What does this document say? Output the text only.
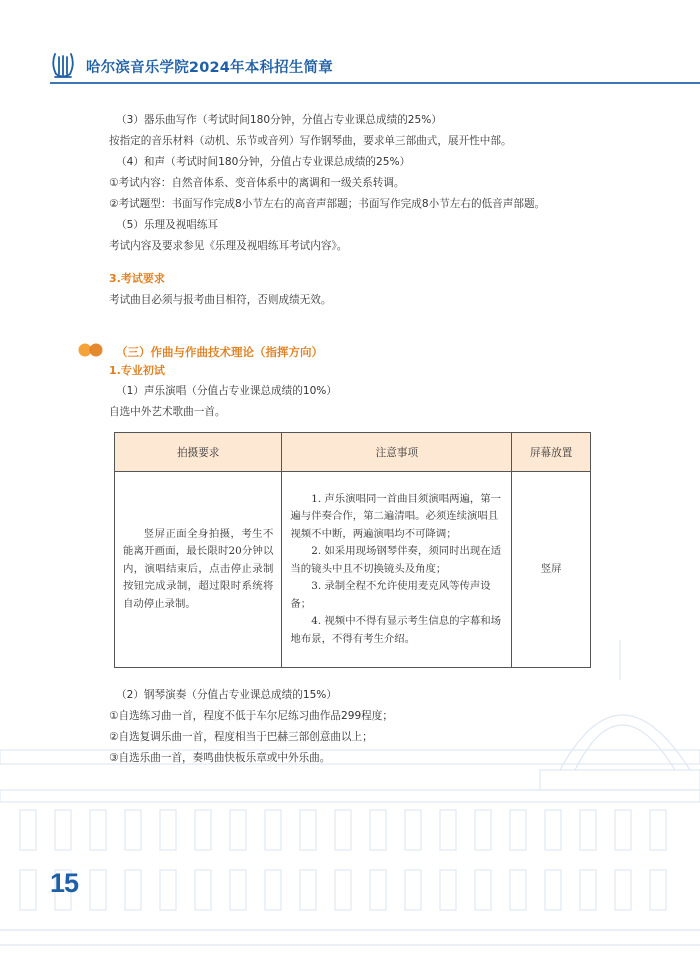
哈尔滨音乐学院2024年本科招生简章
（3）器乐曲写作（考试时间180分钟，分值占专业课总成绩的25%）
按指定的音乐材料（动机、乐节或音列）写作钢琴曲，要求单三部曲式，展开性中部。
（4）和声（考试时间180分钟，分值占专业课总成绩的25%）
①考试内容：自然音体系、变音体系中的离调和一级关系转调。
②考试题型：书面写作完成8小节左右的高音声部题；书面写作完成8小节左右的低音声部题。
（5）乐理及视唱练耳
考试内容及要求参见《乐理及视唱练耳考试内容》。
3.考试要求
考试曲目必须与报考曲目相符，否则成绩无效。
（三）作曲与作曲技术理论（指挥方向）
1.专业初试
（1）声乐演唱（分值占专业课总成绩的10%）
自选中外艺术歌曲一首。
拍摄要求	注意事项	屏幕放置
竖屏正面全身拍摄，考生不能离开画面，最长限时20分钟以内，演唱结束后，点击停止录制按钮完成录制，超过限时系统将自动停止录制。	1. 声乐演唱同一首曲目须演唱两遍，第一遍与伴奏合作，第二遍清唱。必须连续演唱且视频不中断，两遍演唱均不可降调；

2. 如采用现场钢琴伴奏，须同时出现在适当的镜头中且不切换镜头及角度；

3. 录制全程不允许使用麦克风等传声设备；

4. 视频中不得有显示考生信息的字幕和场地布景，不得有考生介绍。	竖屏
（2）钢琴演奏（分值占专业课总成绩的15%）
①自选练习曲一首，程度不低于车尔尼练习曲作品299程度；
②自选复调乐曲一首，程度相当于巴赫三部创意曲以上；
③自选乐曲一首，奏鸣曲快板乐章或中外乐曲。
15
